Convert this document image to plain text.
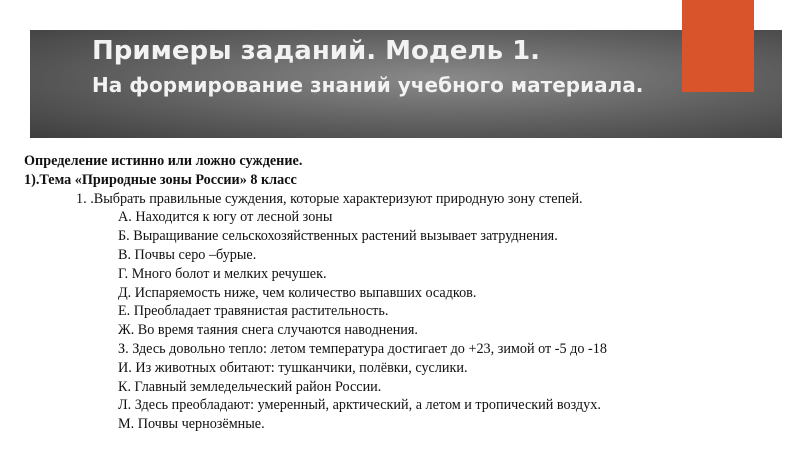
Примеры заданий. Модель 1.
На формирование знаний учебного материала.
Определение истинно или ложно суждение.
1).Тема «Природные зоны России» 8 класс
1. .Выбрать правильные суждения, которые характеризуют природную зону степей.
А. Находится к югу от лесной зоны
Б. Выращивание сельскохозяйственных растений вызывает затруднения.
В. Почвы серо –бурые.
Г. Много болот и мелких речушек.
Д. Испаряемость ниже, чем количество выпавших осадков.
Е. Преобладает травянистая растительность.
Ж. Во время таяния снега случаются наводнения.
З. Здесь довольно тепло: летом температура достигает до +23, зимой от -5 до -18
И. Из животных обитают: тушканчики, полёвки, суслики.
К. Главный земледельческий район России.
Л. Здесь преобладают: умеренный, арктический, а летом и тропический воздух.
М. Почвы чернозёмные.
